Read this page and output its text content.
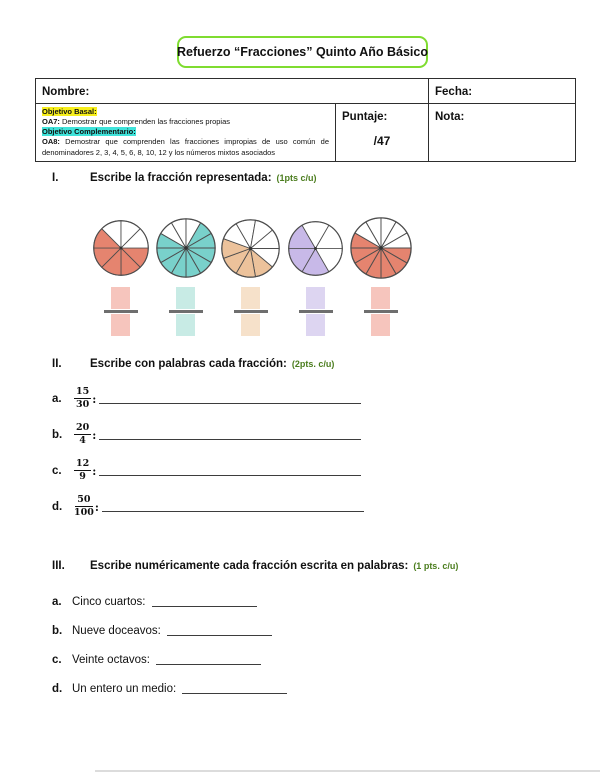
Refuerzo “Fracciones” Quinto Año Básico
Nombre:		Fecha:

Objetivo Basal:
OA7: Demostrar que comprenden las fracciones propias
Objetivo Complementario:

OA8: Demostrar que comprenden las fracciones impropias de uso común de denominadores 2, 3, 4, 5, 6, 8, 10, 12 y los números mixtos asociados

	Puntaje:
/47
	Nota:
I.	Escribe la fracción representada: (1pts c/u)
II.	Escribe con palabras cada fracción: (2pts. c/u)
a.	$\frac{15}{30}$ :
b.	$\frac{20}{4}$ :
c.	$\frac{12}{9}$ :
d.	$\frac{50}{100}$ :
III.	Escribe numéricamente cada fracción escrita en palabras: (1 pts. c/u)
a. Cinco cuartos:
b. Nueve doceavos:
c. Veinte octavos:
d. Un entero un medio:
